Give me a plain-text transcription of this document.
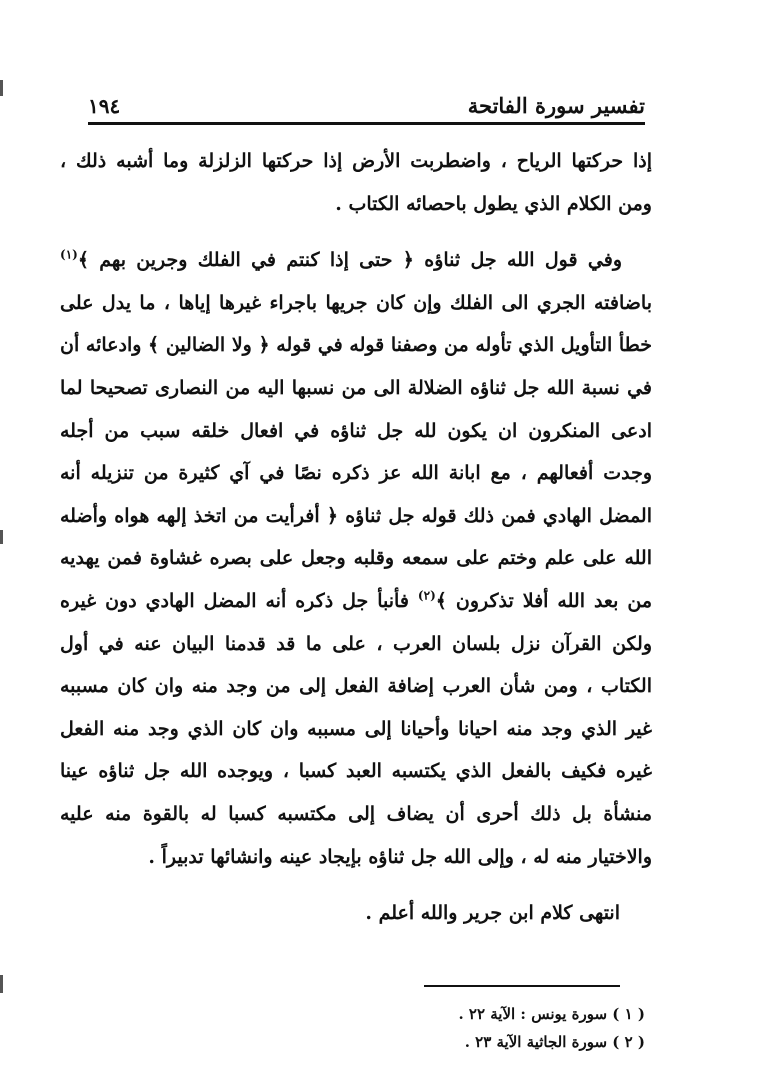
تفسير سورة الفاتحة
١٩٤

إذا حركتها الرياح ، واضطربت الأرض إذا حركتها الزلزلة وما أشبه ذلك ، ومن الكلام الذي يطول باحصائه الكتاب .

وفي قول الله جل ثناؤه ﴿ حتى إذا كنتم في الفلك وجرين بهم ﴾$^{(١)}$ باضافته الجري الى الفلك وإن كان جريها باجراء غيرها إياها ، ما يدل على خطأ التأويل الذي تأوله من وصفنا قوله في قوله ﴿ ولا الضالين ﴾ وادعائه أن في نسبة الله جل ثناؤه الضلالة الى من نسبها اليه من النصارى تصحيحا لما ادعى المنكرون ان يكون لله جل ثناؤه في افعال خلقه سبب من أجله وجدت أفعالهم ، مع ابانة الله عز ذكره نصًا في آي كثيرة من تنزيله أنه المضل الهادي فمن ذلك قوله جل ثناؤه ﴿ أفرأيت من اتخذ إلهه هواه وأضله الله على علم وختم على سمعه وقلبه وجعل على بصره غشاوة فمن يهديه من بعد الله أفلا تذكرون ﴾$^{(٢)}$ فأنبأ جل ذكره أنه المضل الهادي دون غيره ولكن القرآن نزل بلسان العرب ، على ما قد قدمنا البيان عنه في أول الكتاب ، ومن شأن العرب إضافة الفعل إلى من وجد منه وان كان مسببه غير الذي وجد منه احيانا وأحيانا إلى مسببه وان كان الذي وجد منه الفعل غيره فكيف بالفعل الذي يكتسبه العبد كسبا ، ويوجده الله جل ثناؤه عينا منشأة بل ذلك أحرى أن يضاف إلى مكتسبه كسبا له بالقوة منه عليه والاختيار منه له ، وإلى الله جل ثناؤه بإيجاد عينه وانشائها تدبيراً .

انتهى كلام ابن جرير والله أعلم .
( ١ ) سورة يونس : الآية ٢٢ .
( ٢ ) سورة الجاثية الآية ٢٣ .
